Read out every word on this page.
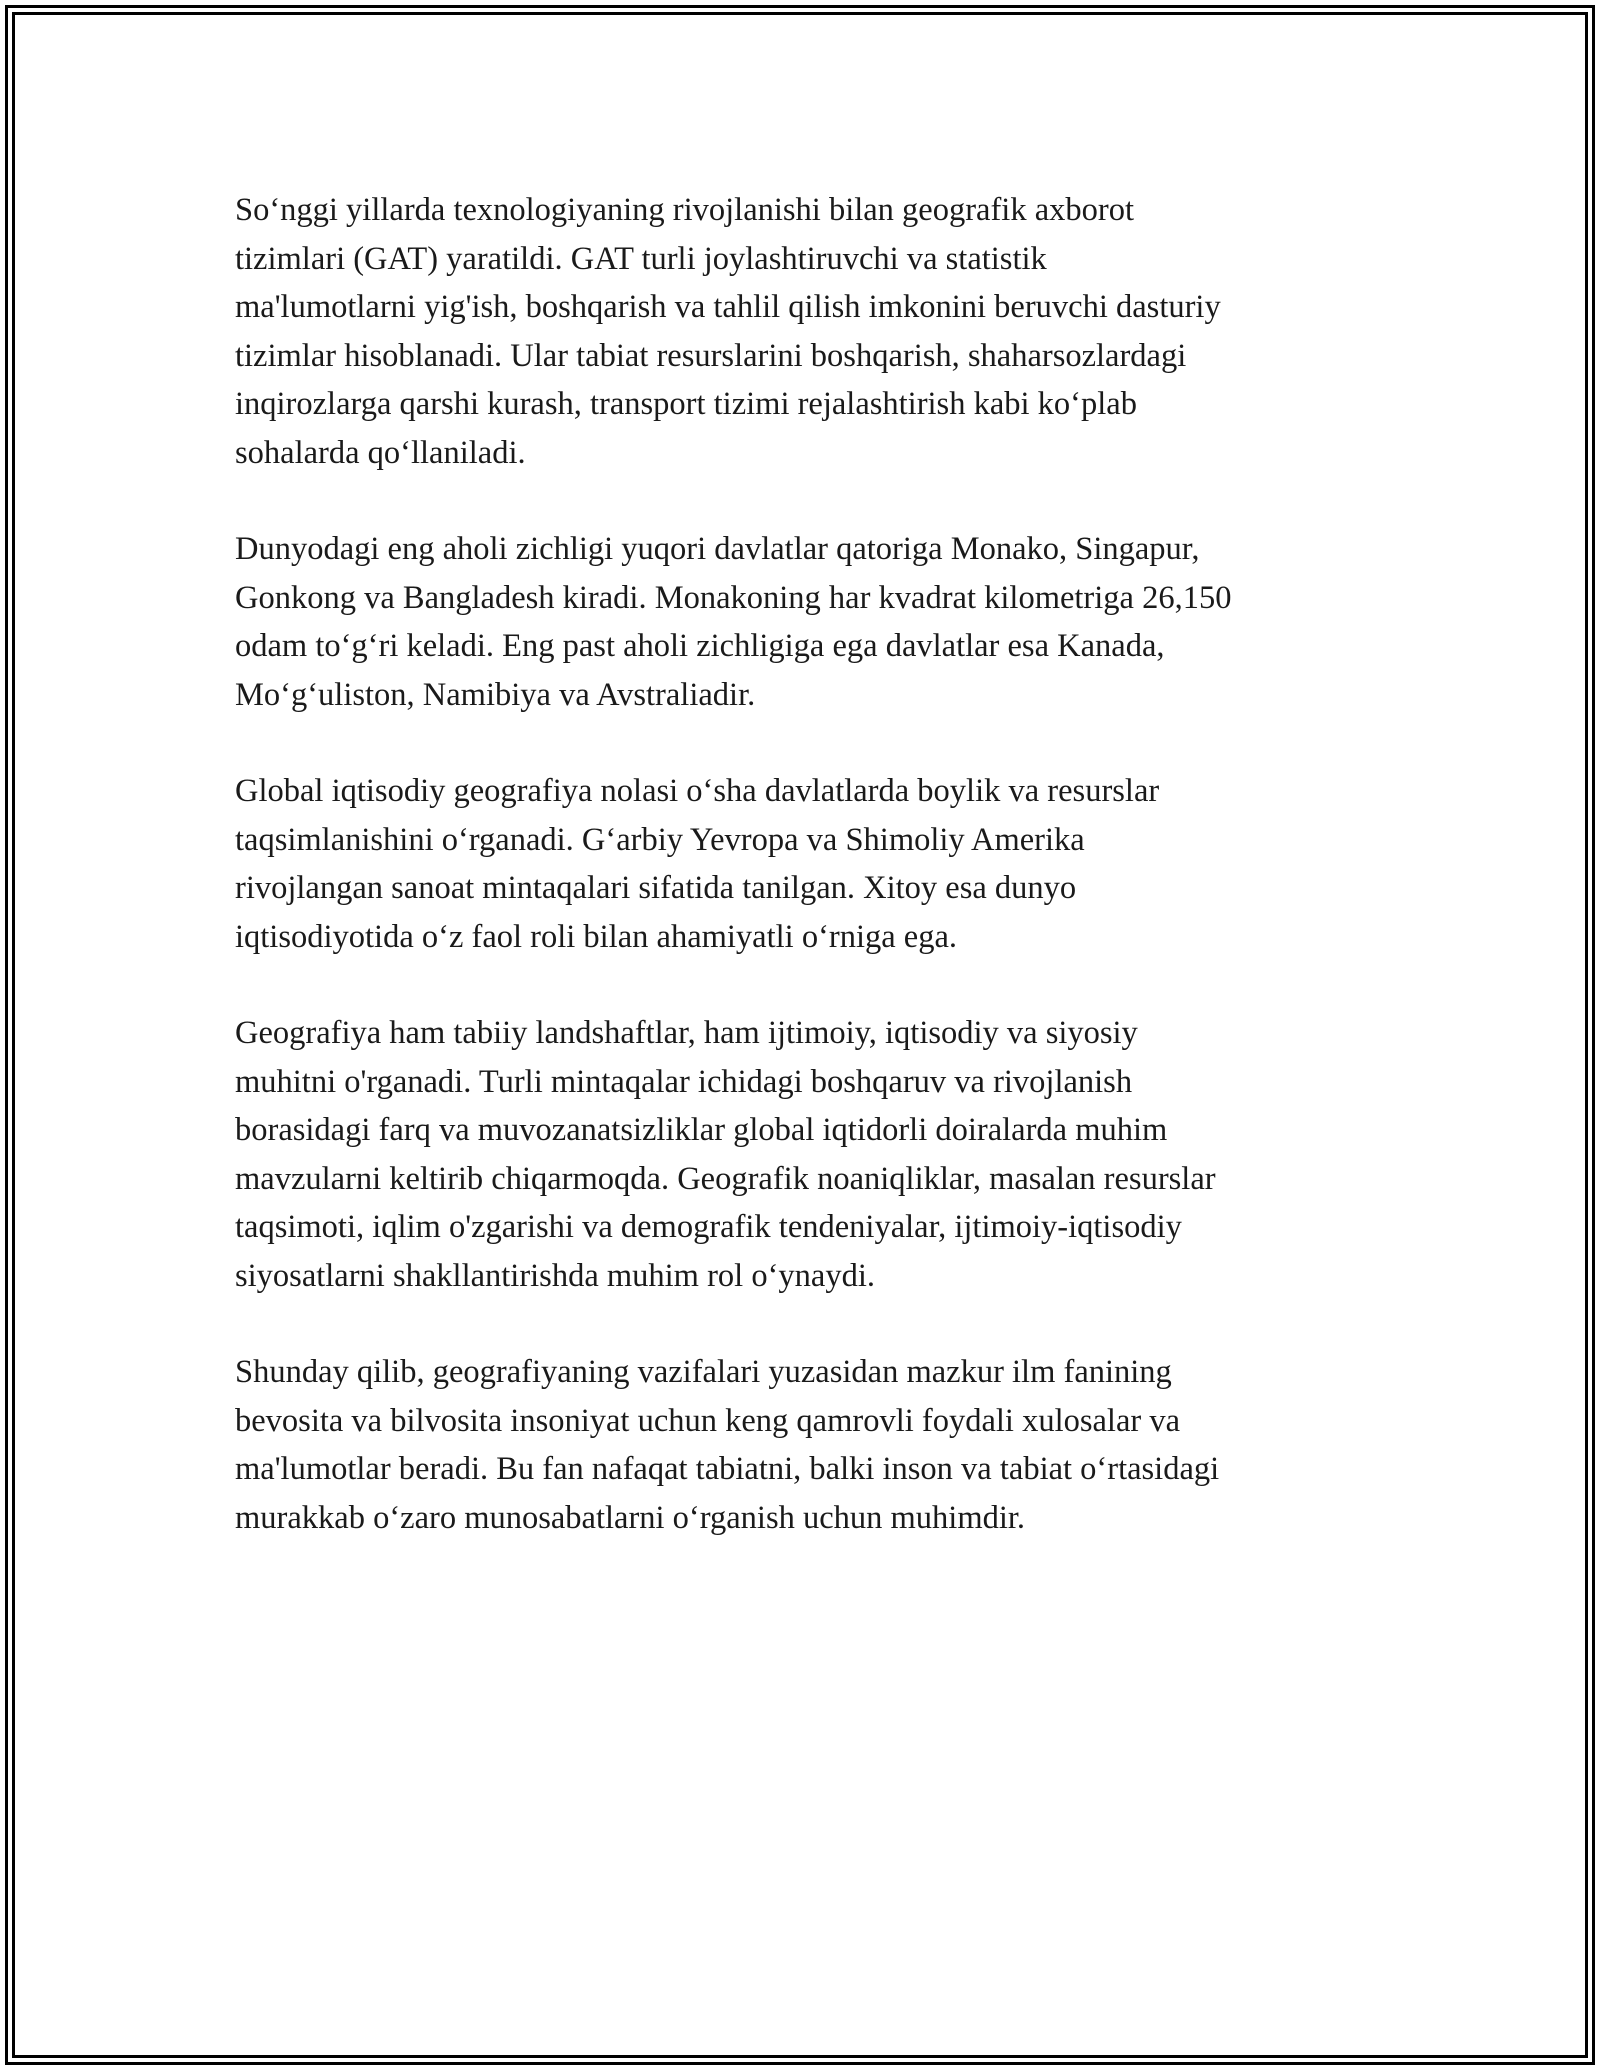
So‘nggi yillarda texnologiyaning rivojlanishi bilan geografik axborot
tizimlari (GAT) yaratildi. GAT turli joylashtiruvchi va statistik
ma'lumotlarni yig'ish, boshqarish va tahlil qilish imkonini beruvchi dasturiy
tizimlar hisoblanadi. Ular tabiat resurslarini boshqarish, shaharsozlardagi
inqirozlarga qarshi kurash, transport tizimi rejalashtirish kabi ko‘plab
sohalarda qo‘llaniladi.

Dunyodagi eng aholi zichligi yuqori davlatlar qatoriga Monako, Singapur,
Gonkong va Bangladesh kiradi. Monakoning har kvadrat kilometriga 26,150
odam to‘g‘ri keladi. Eng past aholi zichligiga ega davlatlar esa Kanada,
Mo‘g‘uliston, Namibiya va Avstraliadir.

Global iqtisodiy geografiya nolasi o‘sha davlatlarda boylik va resurslar
taqsimlanishini o‘rganadi. G‘arbiy Yevropa va Shimoliy Amerika
rivojlangan sanoat mintaqalari sifatida tanilgan. Xitoy esa dunyo
iqtisodiyotida o‘z faol roli bilan ahamiyatli o‘rniga ega.

Geografiya ham tabiiy landshaftlar, ham ijtimoiy, iqtisodiy va siyosiy
muhitni o'rganadi. Turli mintaqalar ichidagi boshqaruv va rivojlanish
borasidagi farq va muvozanatsizliklar global iqtidorli doiralarda muhim
mavzularni keltirib chiqarmoqda. Geografik noaniqliklar, masalan resurslar
taqsimoti, iqlim o'zgarishi va demografik tendeniyalar, ijtimoiy-iqtisodiy
siyosatlarni shakllantirishda muhim rol o‘ynaydi.

Shunday qilib, geografiyaning vazifalari yuzasidan mazkur ilm fanining
bevosita va bilvosita insoniyat uchun keng qamrovli foydali xulosalar va
ma'lumotlar beradi. Bu fan nafaqat tabiatni, balki inson va tabiat o‘rtasidagi
murakkab o‘zaro munosabatlarni o‘rganish uchun muhimdir.
